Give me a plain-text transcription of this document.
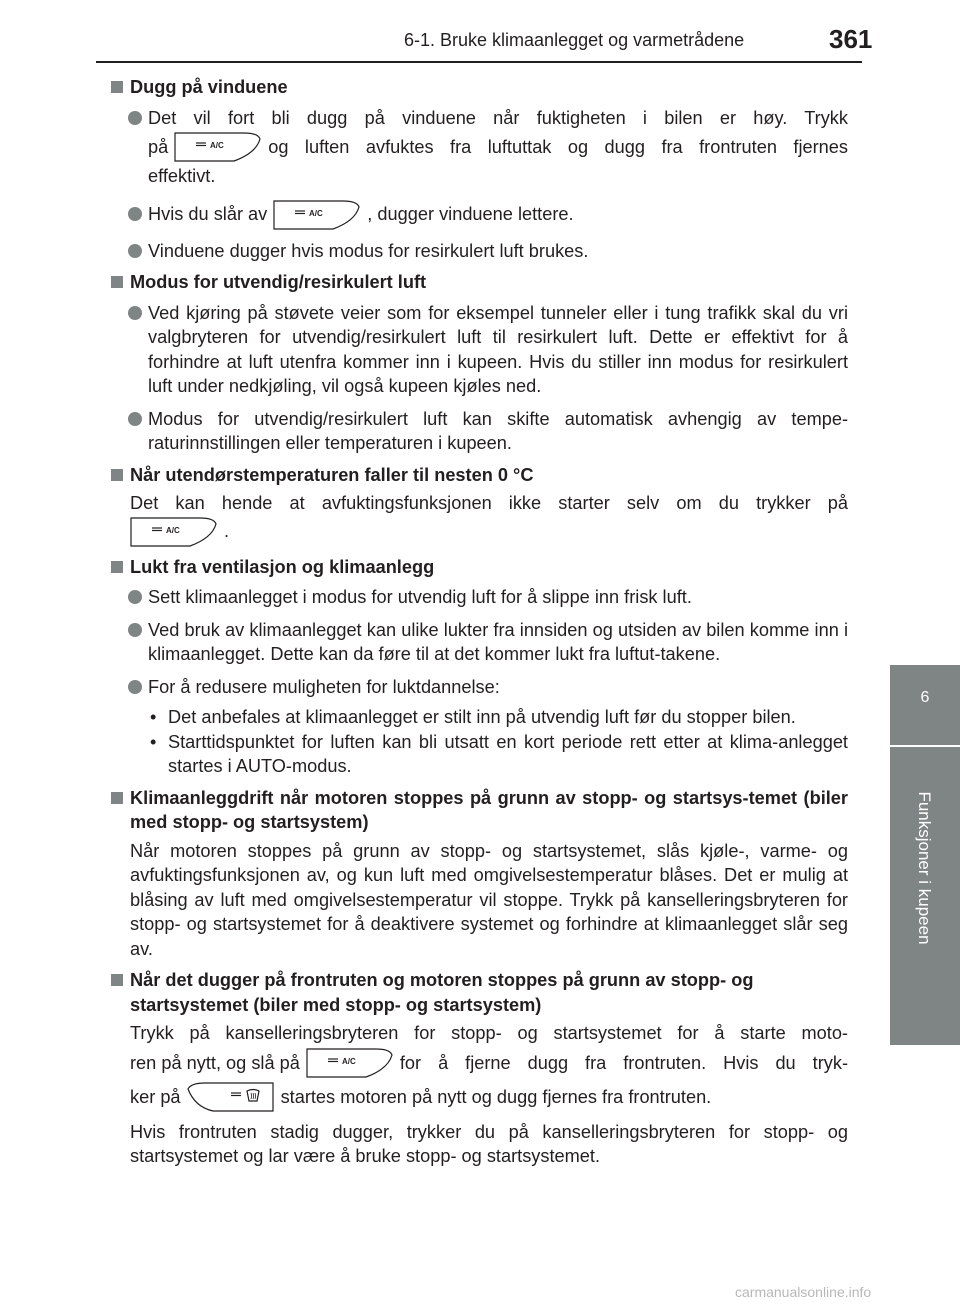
6-1. Bruke klimaanlegget og varmetrådene	361
6
Funksjoner i kupeen
Dugg på vinduene
Det vil fort bli dugg på vinduene når fuktigheten i bilen er høy. Trykk
på	og luften avfuktes fra luftuttak og dugg fra frontruten fjernes
effektivt.
Hvis du slår av	, dugger vinduene lettere.
Vinduene dugger hvis modus for resirkulert luft brukes.
Modus for utvendig/resirkulert luft
Ved kjøring på støvete veier som for eksempel tunneler eller i tung trafikk skal du vri valgbryteren for utvendig/resirkulert luft til resirkulert luft. Dette er effektivt for å forhindre at luft utenfra kommer inn i kupeen. Hvis du stiller inn modus for resirkulert luft under nedkjøling, vil også kupeen kjøles ned.
Modus for utvendig/resirkulert luft kan skifte automatisk avhengig av tempe-raturinnstillingen eller temperaturen i kupeen.
Når utendørstemperaturen faller til nesten 0 °C
Det kan hende at avfuktingsfunksjonen ikke starter selv om du trykker på
.
Lukt fra ventilasjon og klimaanlegg
Sett klimaanlegget i modus for utvendig luft for å slippe inn frisk luft.
Ved bruk av klimaanlegget kan ulike lukter fra innsiden og utsiden av bilen komme inn i klimaanlegget. Dette kan da føre til at det kommer lukt fra luftut-takene.
For å redusere muligheten for luktdannelse:
• Det anbefales at klimaanlegget er stilt inn på utvendig luft før du stopper bilen.
• Starttidspunktet for luften kan bli utsatt en kort periode rett etter at klima-anlegget startes i AUTO-modus.
Klimaanleggdrift når motoren stoppes på grunn av stopp- og startsys-temet (biler med stopp- og startsystem)
Når motoren stoppes på grunn av stopp- og startsystemet, slås kjøle-, varme- og avfuktingsfunksjonen av, og kun luft med omgivelsestemperatur blåses. Det er mulig at blåsing av luft med omgivelsestemperatur vil stoppe. Trykk på kanselleringsbryteren for stopp- og startsystemet for å deaktivere systemet og forhindre at klimaanlegget slår seg av.
Når det dugger på frontruten og motoren stoppes på grunn av stopp- og startsystemet (biler med stopp- og startsystem)
Trykk på kanselleringsbryteren for stopp- og startsystemet for å starte moto-
ren på nytt, og slå på	for å fjerne dugg fra frontruten. Hvis du tryk-
ker på	startes motoren på nytt og dugg fjernes fra frontruten.
Hvis frontruten stadig dugger, trykker du på kanselleringsbryteren for stopp- og startsystemet og lar være å bruke stopp- og startsystemet.
carmanualsonline.info
